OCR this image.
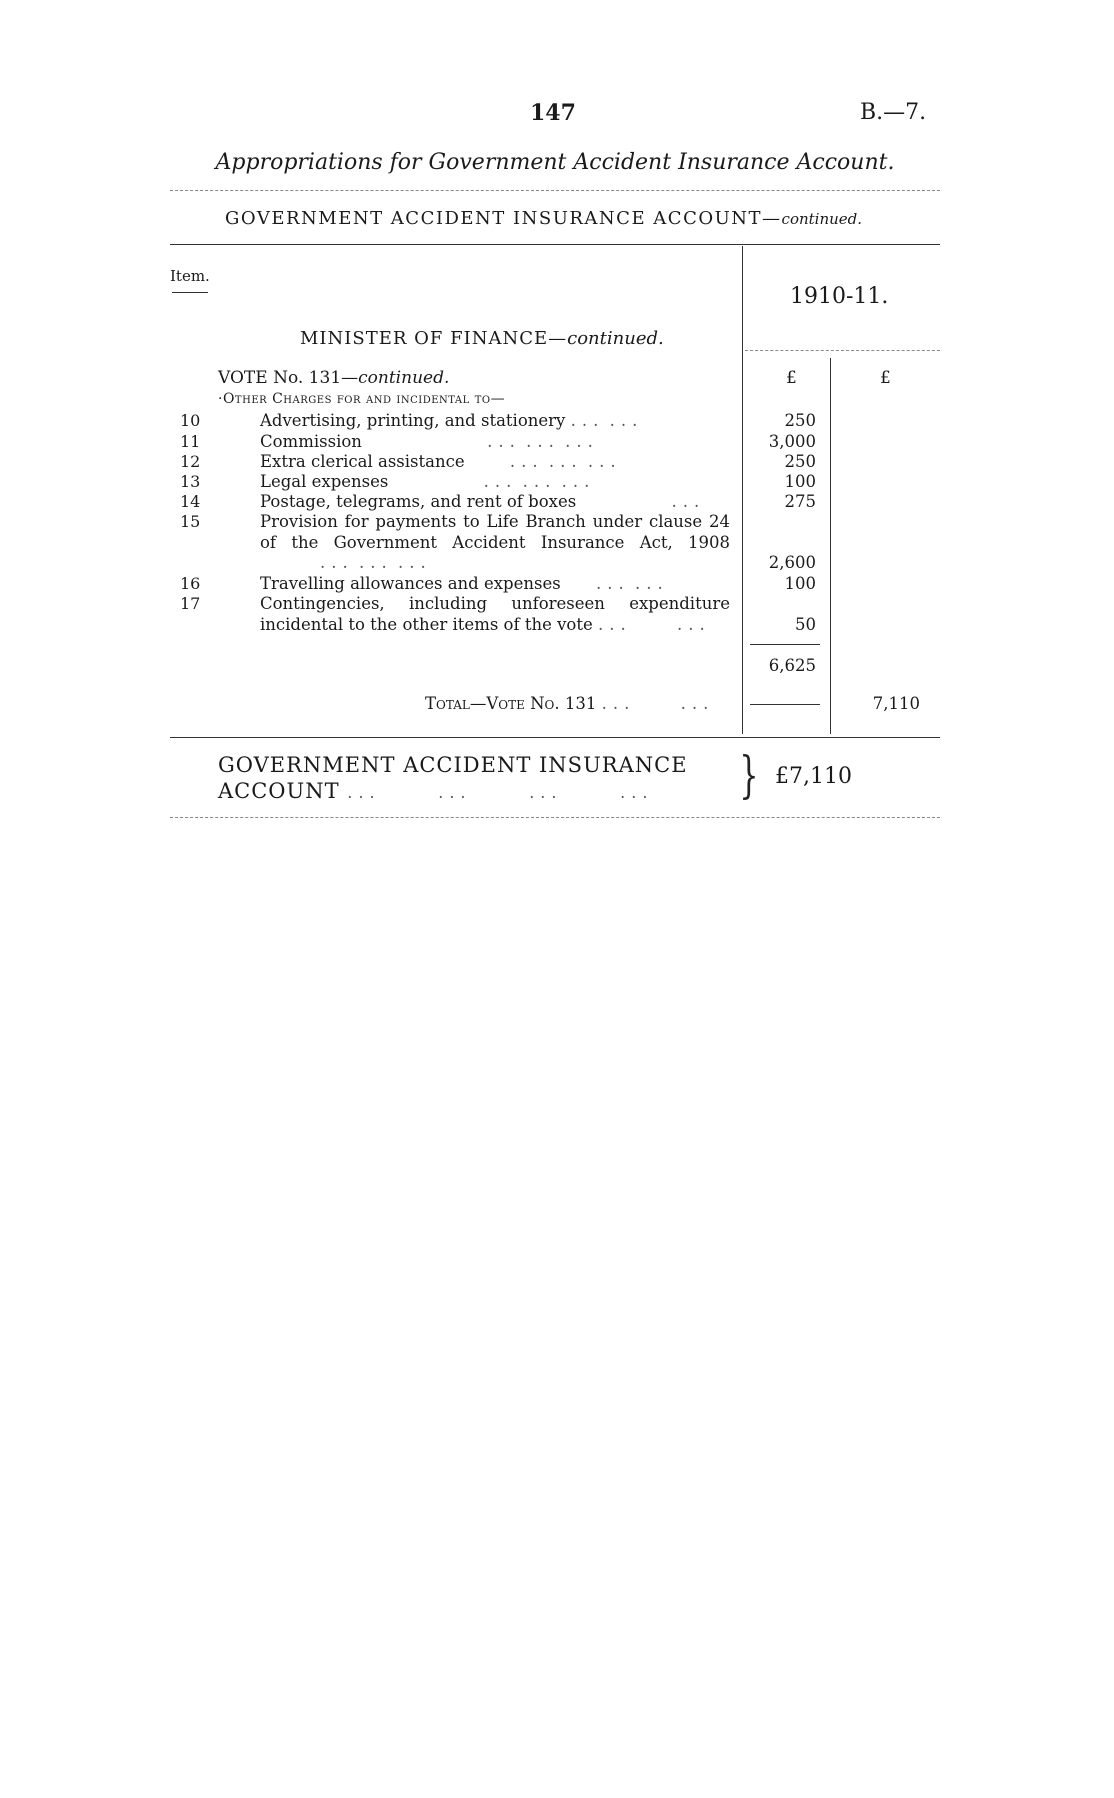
147	B.—7.
Appropriations for Government Accident Insurance Account.
GOVERNMENT ACCIDENT INSURANCE ACCOUNT—continued.
Item.
1910-11.
MINISTER OF FINANCE—continued.
£	£
VOTE No. 131—continued.
·Other Charges for and incidental to—
10	Advertising, printing, and stationery ... ...	250
11	Commission	... ... ...	3,000
12	Extra clerical assistance	... ... ...	250
13	Legal expenses	... ... ...	100
14	Postage, telegrams, and rent of boxes	...	275
15	Provision for payments to Life Branch under clause 24 of the Government Accident Insurance Act, 1908 ... ... ...	2,600
16	Travelling allowances and expenses ... ...	100
17	Contingencies, including unforeseen expenditure incidental to the other items of the vote ...	...	50
6,625
Total—Vote No. 131 ...	...	7,110
GOVERNMENT ACCIDENT INSURANCE ACCOUNT ...	...	...	...	} £7,110
